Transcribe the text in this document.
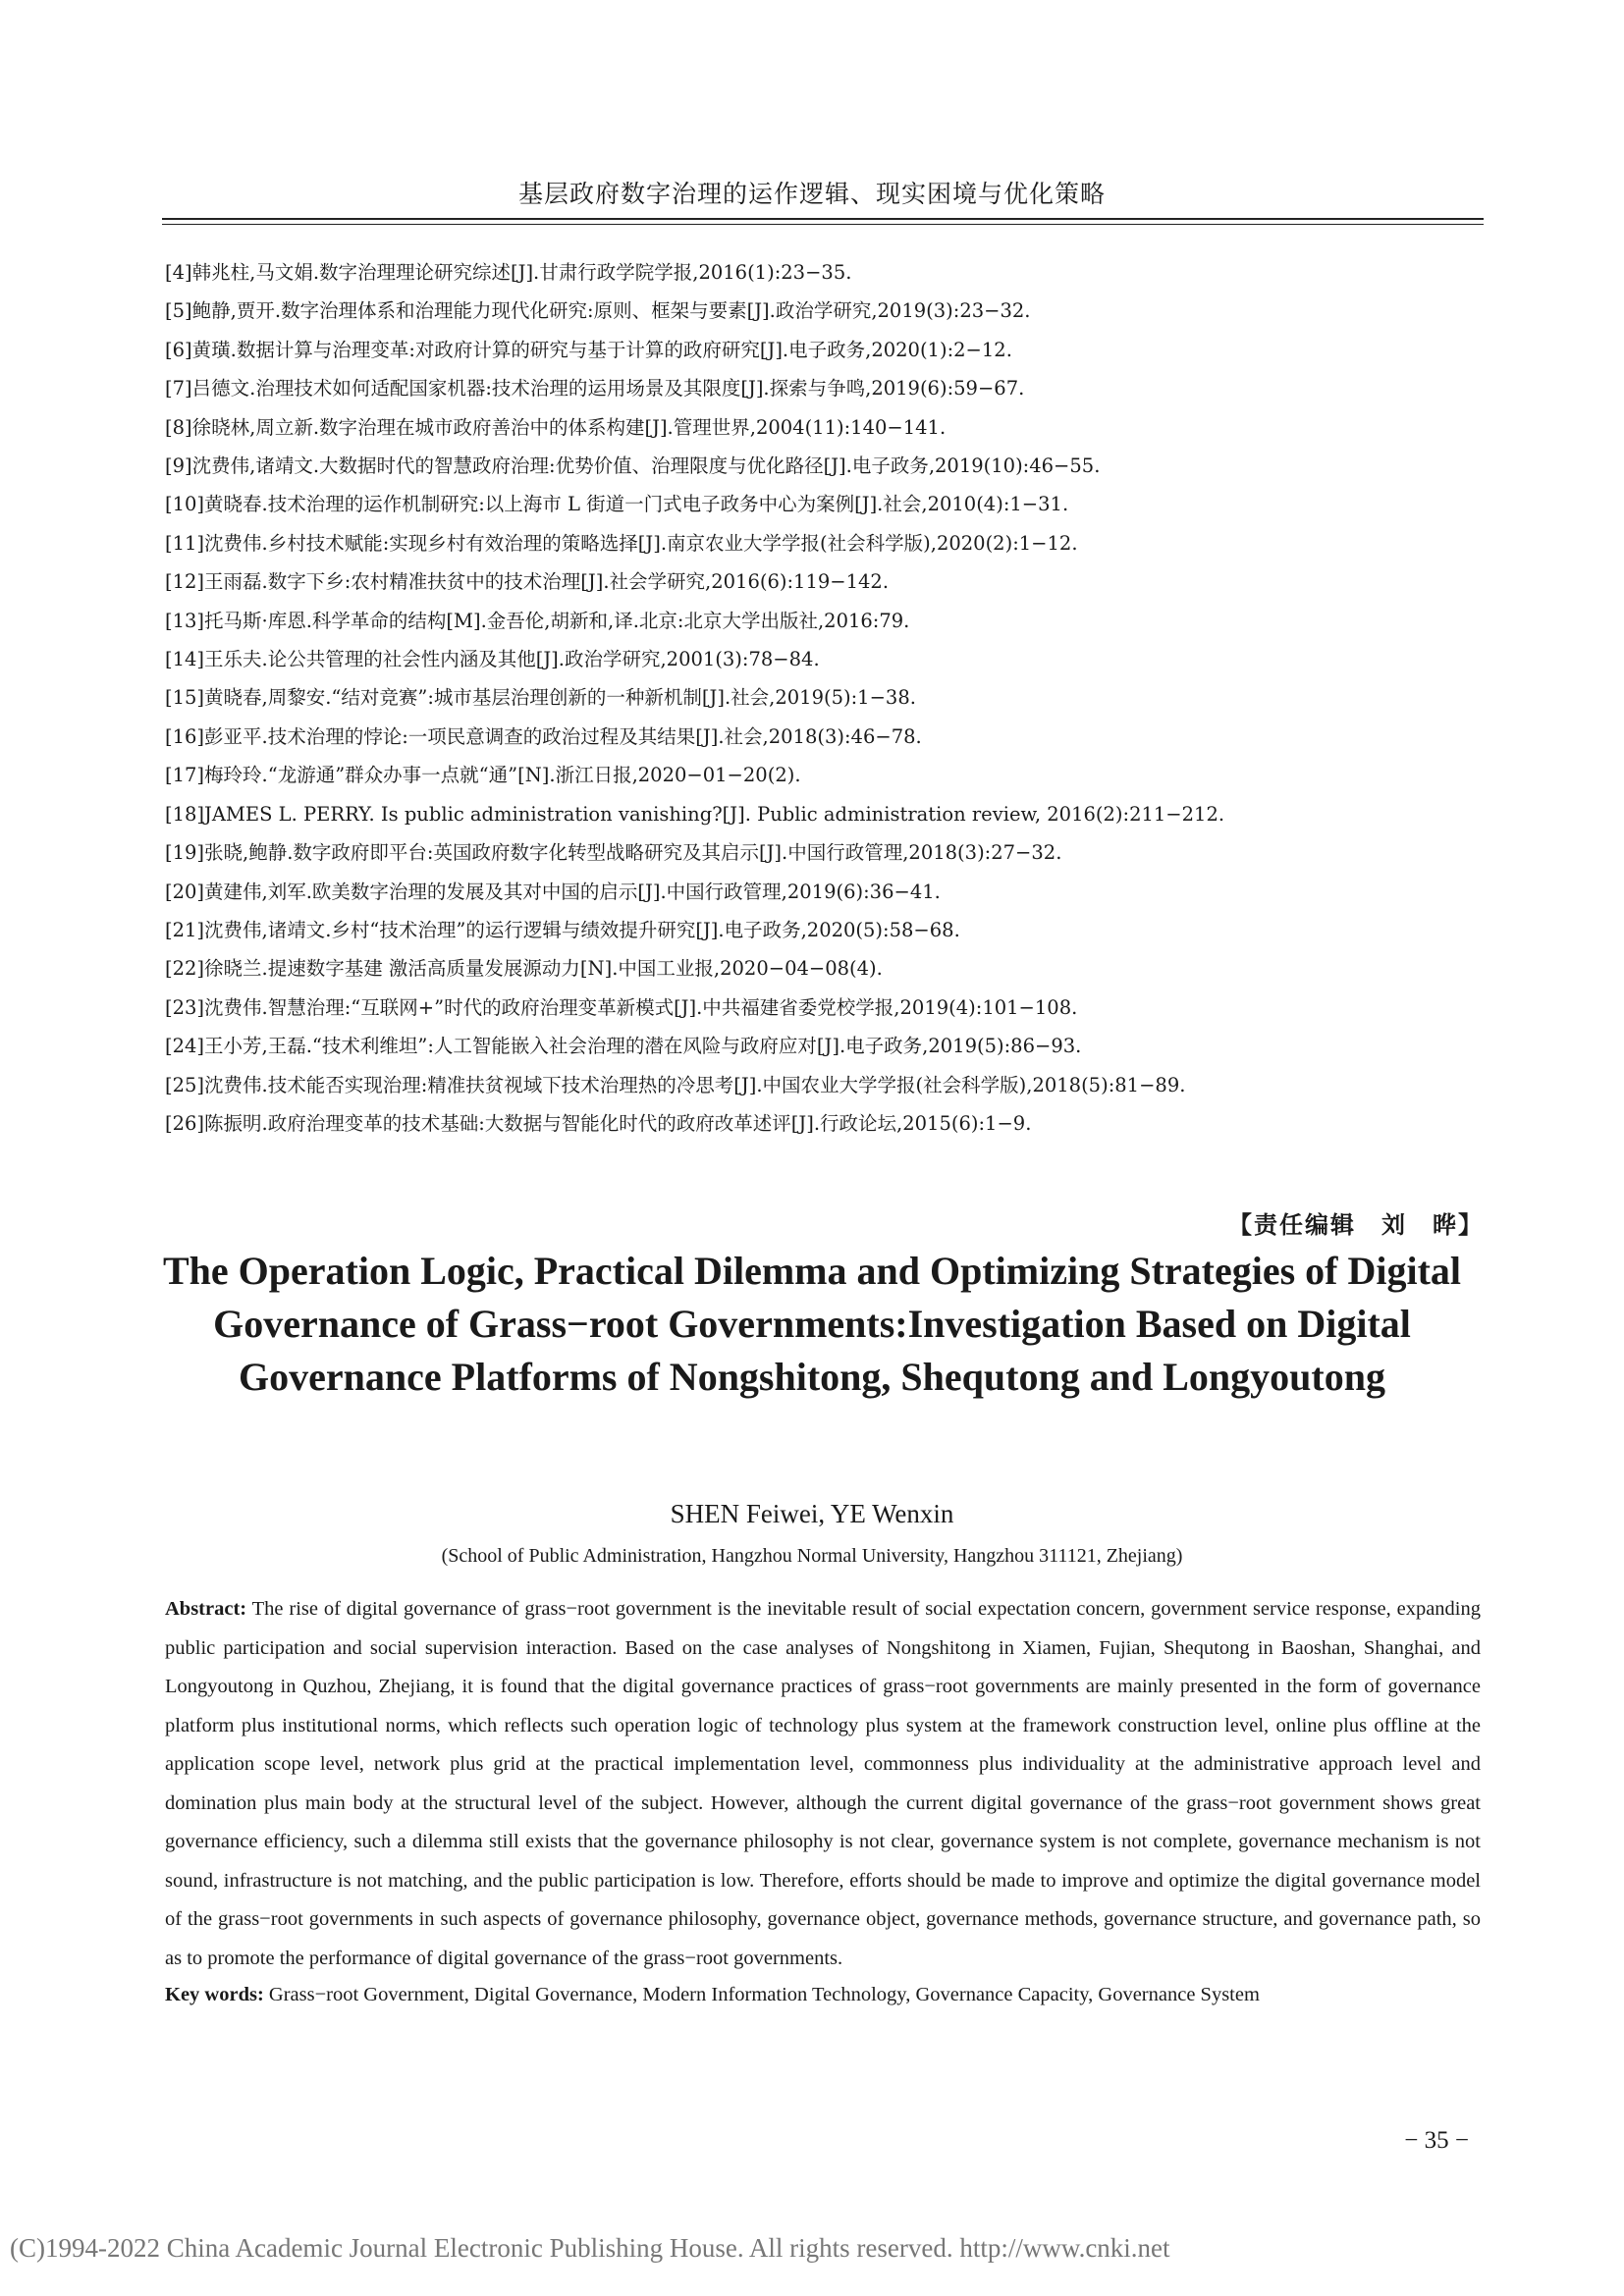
基层政府数字治理的运作逻辑、现实困境与优化策略
[4]韩兆柱,马文娟.数字治理理论研究综述[J].甘肃行政学院学报,2016(1):23−35.
[5]鲍静,贾开.数字治理体系和治理能力现代化研究:原则、框架与要素[J].政治学研究,2019(3):23−32.
[6]黄璜.数据计算与治理变革:对政府计算的研究与基于计算的政府研究[J].电子政务,2020(1):2−12.
[7]吕德文.治理技术如何适配国家机器:技术治理的运用场景及其限度[J].探索与争鸣,2019(6):59−67.
[8]徐晓林,周立新.数字治理在城市政府善治中的体系构建[J].管理世界,2004(11):140−141.
[9]沈费伟,诸靖文.大数据时代的智慧政府治理:优势价值、治理限度与优化路径[J].电子政务,2019(10):46−55.
[10]黄晓春.技术治理的运作机制研究:以上海市 L 街道一门式电子政务中心为案例[J].社会,2010(4):1−31.
[11]沈费伟.乡村技术赋能:实现乡村有效治理的策略选择[J].南京农业大学学报(社会科学版),2020(2):1−12.
[12]王雨磊.数字下乡:农村精准扶贫中的技术治理[J].社会学研究,2016(6):119−142.
[13]托马斯·库恩.科学革命的结构[M].金吾伦,胡新和,译.北京:北京大学出版社,2016:79.
[14]王乐夫.论公共管理的社会性内涵及其他[J].政治学研究,2001(3):78−84.
[15]黄晓春,周黎安.“结对竞赛”:城市基层治理创新的一种新机制[J].社会,2019(5):1−38.
[16]彭亚平.技术治理的悖论:一项民意调查的政治过程及其结果[J].社会,2018(3):46−78.
[17]梅玲玲.“龙游通”群众办事一点就“通”[N].浙江日报,2020−01−20(2).
[18]JAMES L. PERRY. Is public administration vanishing?[J]. Public administration review, 2016(2):211−212.
[19]张晓,鲍静.数字政府即平台:英国政府数字化转型战略研究及其启示[J].中国行政管理,2018(3):27−32.
[20]黄建伟,刘军.欧美数字治理的发展及其对中国的启示[J].中国行政管理,2019(6):36−41.
[21]沈费伟,诸靖文.乡村“技术治理”的运行逻辑与绩效提升研究[J].电子政务,2020(5):58−68.
[22]徐晓兰.提速数字基建 激活高质量发展源动力[N].中国工业报,2020−04−08(4).
[23]沈费伟.智慧治理:“互联网+”时代的政府治理变革新模式[J].中共福建省委党校学报,2019(4):101−108.
[24]王小芳,王磊.“技术利维坦”:人工智能嵌入社会治理的潜在风险与政府应对[J].电子政务,2019(5):86−93.
[25]沈费伟.技术能否实现治理:精准扶贫视域下技术治理热的冷思考[J].中国农业大学学报(社会科学版),2018(5):81−89.
[26]陈振明.政府治理变革的技术基础:大数据与智能化时代的政府改革述评[J].行政论坛,2015(6):1−9.
【责任编辑　刘　晔】
The Operation Logic, Practical Dilemma and Optimizing Strategies of Digital Governance of Grass−root Governments:Investigation Based on Digital Governance Platforms of Nongshitong, Shequtong and Longyoutong
SHEN Feiwei, YE Wenxin
(School of Public Administration, Hangzhou Normal University, Hangzhou 311121, Zhejiang)
Abstract: The rise of digital governance of grass−root government is the inevitable result of social expectation concern, government service response, expanding public participation and social supervision interaction. Based on the case analyses of Nongshitong in Xiamen, Fujian, Shequtong in Baoshan, Shanghai, and Longyoutong in Quzhou, Zhejiang, it is found that the digital governance practices of grass−root governments are mainly presented in the form of governance platform plus institutional norms, which reflects such operation logic of technology plus system at the framework construction level, online plus offline at the application scope level, network plus grid at the practical implementation level, commonness plus individuality at the administrative approach level and domination plus main body at the structural level of the subject. However, although the current digital governance of the grass−root government shows great governance efficiency, such a dilemma still exists that the governance philosophy is not clear, governance system is not complete, governance mechanism is not sound, infrastructure is not matching, and the public participation is low. Therefore, efforts should be made to improve and optimize the digital governance model of the grass−root governments in such aspects of governance philosophy, governance object, governance methods, governance structure, and governance path, so as to promote the performance of digital governance of the grass−root governments.
Key words: Grass−root Government, Digital Governance, Modern Information Technology, Governance Capacity, Governance System
− 35 −
(C)1994-2022 China Academic Journal Electronic Publishing House. All rights reserved. http://www.cnki.net
